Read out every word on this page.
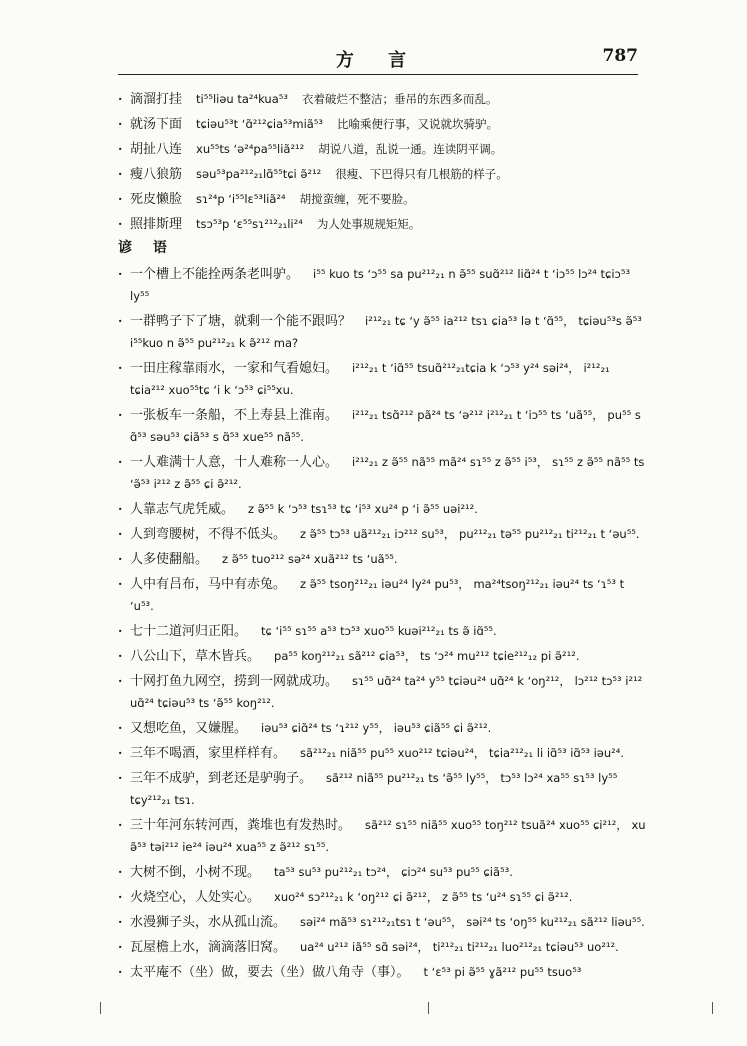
方 言	787
· 滴溜打挂 ti⁵⁵liəu ta²⁴kua⁵³ 衣着破烂不整洁；垂吊的东西多而乱。
· 就汤下面 tɕiəu⁵³t ʻɑ̃²¹²ɕia⁵³miã⁵³ 比喻乘便行事，又说就坎骑驴。
· 胡扯八连 xu⁵⁵ts ʻə²⁴pa⁵⁵liã²¹² 胡说八道，乱说一通。连读阴平调。
· 瘦八狼筋 səu⁵³pa²¹²₂₁lɑ̃⁵⁵tɕi ə̃²¹² 很瘦、下巴得只有几根筋的样子。
· 死皮懒脸 sɿ²⁴p ʻi⁵⁵lɛ⁵³liã²⁴ 胡搅蛮缠，死不要脸。
· 照排斯理 tsɔ⁵³p ʻɛ⁵⁵sɿ²¹²₂₁li²⁴ 为人处事规规矩矩。
谚 语
· 一个槽上不能拴两条老叫驴。 i⁵⁵ kuo ts ʻɔ⁵⁵ sa pu²¹²₂₁ n ə̃⁵⁵ suɑ̃²¹² liɑ̃²⁴ t ʻiɔ⁵⁵ lɔ²⁴ tɕiɔ⁵³ ly⁵⁵
· 一群鸭子下了塘，就剩一个能不跟吗？ i²¹²₂₁ tɕ ʻy ə̃⁵⁵ ia²¹² tsɿ ɕia⁵³ lə t ʻɑ̃⁵⁵， tɕiəu⁵³s ə̃⁵³ i⁵⁵kuo n ə̃⁵⁵ pu²¹²₂₁ k ə̃²¹² ma?
· 一田庄稼靠雨水，一家和气看媳妇。 i²¹²₂₁ t ʻiɑ̃⁵⁵ tsuɑ̃²¹²₂₁tɕia k ʻɔ⁵³ y²⁴ səi²⁴， i²¹²₂₁ tɕia²¹² xuo⁵⁵tɕ ʻi k ʻɔ⁵³ ɕi⁵⁵xu.
· 一张板车一条船，不上寿县上淮南。 i²¹²₂₁ tsɑ̃²¹² pã²⁴ ts ʻə²¹² i²¹²₂₁ t ʻiɔ⁵⁵ ts ʻuã⁵⁵， pu⁵⁵ s ɑ̃⁵³ səu⁵³ ɕiã⁵³ s ɑ̃⁵³ xue⁵⁵ nã⁵⁵.
· 一人难满十人意，十人难称一人心。 i²¹²₂₁ z ə̃⁵⁵ nã⁵⁵ mã²⁴ sɿ⁵⁵ z ə̃⁵⁵ i⁵³， sɿ⁵⁵ z ə̃⁵⁵ nã⁵⁵ ts ʻə̃⁵³ i²¹² z ə̃⁵⁵ ɕi ə̃²¹².
· 人靠志气虎凭威。 z ə̃⁵⁵ k ʻɔ⁵³ tsɿ⁵³ tɕ ʻi⁵³ xu²⁴ p ʻi ə̃⁵⁵ uəi²¹².
· 人到弯腰树，不得不低头。 z ə̃⁵⁵ tɔ⁵³ uã²¹²₂₁ iɔ²¹² su⁵³， pu²¹²₂₁ tə⁵⁵ pu²¹²₂₁ ti²¹²₂₁ t ʻəu⁵⁵.
· 人多使翻船。 z ə̃⁵⁵ tuo²¹² sə²⁴ xuã²¹² ts ʻuã⁵⁵.
· 人中有吕布，马中有赤兔。 z ə̃⁵⁵ tsoŋ²¹²₂₁ iəu²⁴ ly²⁴ pu⁵³， ma²⁴tsoŋ²¹²₂₁ iəu²⁴ ts ʻɿ⁵³ t ʻu⁵³.
· 七十二道河归正阳。 tɕ ʻi⁵⁵ sɿ⁵⁵ a⁵³ tɔ⁵³ xuo⁵⁵ kuəi²¹²₂₁ ts ə̃ iɑ̃⁵⁵.
· 八公山下，草木皆兵。 pa⁵⁵ koŋ²¹²₂₁ sã²¹² ɕia⁵³， ts ʻɔ²⁴ mu²¹² tɕie²¹²₁₂ pi ə̃²¹².
· 十网打鱼九网空，捞到一网就成功。 sɿ⁵⁵ uɑ̃²⁴ ta²⁴ y⁵⁵ tɕiəu²⁴ uɑ̃²⁴ k ʻoŋ²¹²， lɔ²¹² tɔ⁵³ i²¹² uɑ̃²⁴ tɕiəu⁵³ ts ʻə̃⁵⁵ koŋ²¹².
· 又想吃鱼，又嫌腥。 iəu⁵³ ɕiɑ̃²⁴ ts ʻɿ²¹² y⁵⁵， iəu⁵³ ɕiã⁵⁵ ɕi ə̃²¹².
· 三年不喝酒，家里样样有。 sã²¹²₂₁ niã⁵⁵ pu⁵⁵ xuo²¹² tɕiəu²⁴， tɕia²¹²₂₁ li iɑ̃⁵³ iɑ̃⁵³ iəu²⁴.
· 三年不成驴，到老还是驴驹子。 sã²¹² niã⁵⁵ pu²¹²₂₁ ts ʻə̃⁵⁵ ly⁵⁵， tɔ⁵³ lɔ²⁴ xa⁵⁵ sɿ⁵³ ly⁵⁵ tɕy²¹²₂₁ tsɿ.
· 三十年河东转河西，粪堆也有发热时。 sã²¹² sɿ⁵⁵ niã⁵⁵ xuo⁵⁵ toŋ²¹² tsuã²⁴ xuo⁵⁵ ɕi²¹²， xu ə̃⁵³ təi²¹² ie²⁴ iəu²⁴ xua⁵⁵ z ə̃²¹² sɿ⁵⁵.
· 大树不倒，小树不现。 ta⁵³ su⁵³ pu²¹²₂₁ tɔ²⁴， ɕiɔ²⁴ su⁵³ pu⁵⁵ ɕiã⁵³.
· 火烧空心，人处实心。 xuo²⁴ sɔ²¹²₂₁ k ʻoŋ²¹² ɕi ə̃²¹²， z ə̃⁵⁵ ts ʻu²⁴ sɿ⁵⁵ ɕi ə̃²¹².
· 水漫狮子头，水从孤山流。 səi²⁴ mã⁵³ sɿ²¹²₂₁tsɿ t ʻəu⁵⁵， səi²⁴ ts ʻoŋ⁵⁵ ku²¹²₂₁ sã²¹² liəu⁵⁵.
· 瓦屋檐上水，滴滴落旧窝。 ua²⁴ u²¹² iã⁵⁵ sɑ̃ səi²⁴， ti²¹²₂₁ ti²¹²₂₁ luo²¹²₂₁ tɕiəu⁵³ uo²¹².
· 太平庵不（坐）做，要去（坐）做八角寺（事）。 t ʻɛ⁵³ pi ə̃⁵⁵ ɣã²¹² pu⁵⁵ tsuo⁵³
